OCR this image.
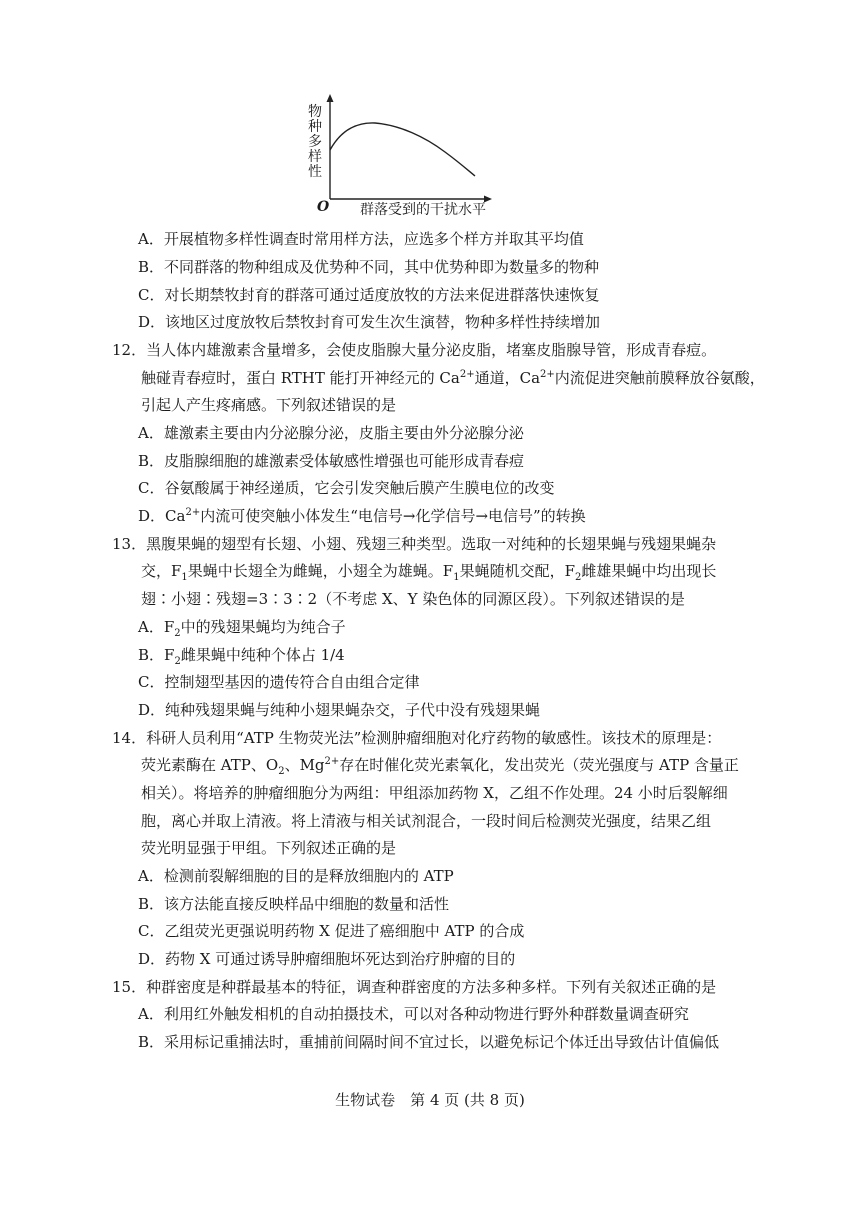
物种多样性
O 群落受到的干扰水平
A．开展植物多样性调查时常用样方法，应选多个样方并取其平均值
B．不同群落的物种组成及优势种不同，其中优势种即为数量多的物种
C．对长期禁牧封育的群落可通过适度放牧的方法来促进群落快速恢复
D．该地区过度放牧后禁牧封育可发生次生演替，物种多样性持续增加
12．当人体内雄激素含量增多，会使皮脂腺大量分泌皮脂，堵塞皮脂腺导管，形成青春痘。
触碰青春痘时，蛋白 RTHT 能打开神经元的 $Ca^{2+}$通道，$Ca^{2+}$内流促进突触前膜释放谷氨酸，
引起人产生疼痛感。下列叙述错误的是
A．雄激素主要由内分泌腺分泌，皮脂主要由外分泌腺分泌
B．皮脂腺细胞的雄激素受体敏感性增强也可能形成青春痘
C．谷氨酸属于神经递质，它会引发突触后膜产生膜电位的改变
D．$Ca^{2+}$内流可使突触小体发生“电信号→化学信号→电信号”的转换
13．黑腹果蝇的翅型有长翅、小翅、残翅三种类型。选取一对纯种的长翅果蝇与残翅果蝇杂
交，$F_1$果蝇中长翅全为雌蝇，小翅全为雄蝇。$F_1$果蝇随机交配，$F_2$雌雄果蝇中均出现长
翅∶小翅∶残翅=3∶3∶2（不考虑 X、Y 染色体的同源区段）。下列叙述错误的是
A．$F_2$中的残翅果蝇均为纯合子
B．$F_2$雌果蝇中纯种个体占 1/4
C．控制翅型基因的遗传符合自由组合定律
D．纯种残翅果蝇与纯种小翅果蝇杂交，子代中没有残翅果蝇
14．科研人员利用“ATP 生物荧光法”检测肿瘤细胞对化疗药物的敏感性。该技术的原理是：
荧光素酶在 ATP、$O_2$、$Mg^{2+}$存在时催化荧光素氧化，发出荧光（荧光强度与 ATP 含量正
相关）。将培养的肿瘤细胞分为两组：甲组添加药物 X，乙组不作处理。24 小时后裂解细
胞，离心并取上清液。将上清液与相关试剂混合，一段时间后检测荧光强度，结果乙组
荧光明显强于甲组。下列叙述正确的是
A．检测前裂解细胞的目的是释放细胞内的 ATP
B．该方法能直接反映样品中细胞的数量和活性
C．乙组荧光更强说明药物 X 促进了癌细胞中 ATP 的合成
D．药物 X 可通过诱导肿瘤细胞坏死达到治疗肿瘤的目的
15．种群密度是种群最基本的特征，调查种群密度的方法多种多样。下列有关叙述正确的是
A．利用红外触发相机的自动拍摄技术，可以对各种动物进行野外种群数量调查研究
B．采用标记重捕法时，重捕前间隔时间不宜过长，以避免标记个体迁出导致估计值偏低
生物试卷　第 4 页 (共 8 页)
